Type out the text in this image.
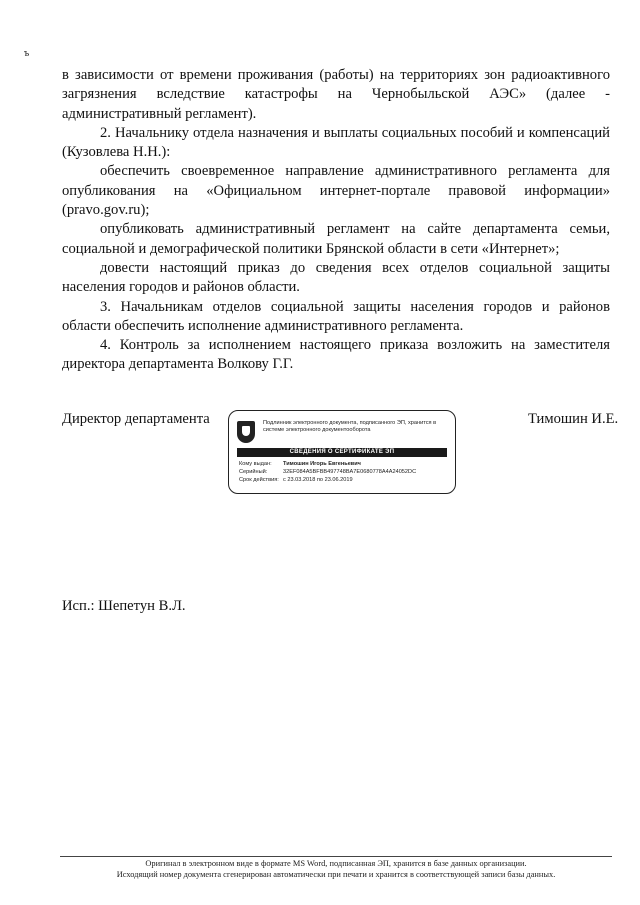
ъ

в зависимости от времени проживания (работы) на территориях зон радиоактивного загрязнения вследствие катастрофы на Чернобыльской АЭС» (далее - административный регламент).

2. Начальнику отдела назначения и выплаты социальных пособий и компенсаций (Кузовлева Н.Н.):

обеспечить своевременное направление административного регламента для опубликования на «Официальном интернет-портале правовой информации» (pravo.gov.ru);

опубликовать административный регламент на сайте департамента семьи, социальной и демографической политики Брянской области в сети «Интернет»;

довести настоящий приказ до сведения всех отделов социальной защиты населения городов и районов области.

3. Начальникам отделов социальной защиты населения городов и районов области обеспечить исполнение административного регламента.

4. Контроль за исполнением настоящего приказа возложить на заместителя директора департамента Волкову Г.Г.

Директор департамента	Подлинник электронного документа, подписанного ЭП, хранится в системе электронного документооборота
СВЕДЕНИЯ О СЕРТИФИКАТЕ ЭП
Кому выдан: Тимошин Игорь Евгеньевич
Серийный:	32EF084A5BFBB497748BA7E0680778A4A24052DC
Срок действия: с 23.03.2018 по 23.06.2019
Тимошин И.Е.
Исп.: Шепетун В.Л.
Оригинал в электронном виде в формате MS Word, подписанная ЭП, хранится в базе данных организации.
Исходящий номер документа сгенерирован автоматически при печати и хранится в соответствующей записи базы данных.
